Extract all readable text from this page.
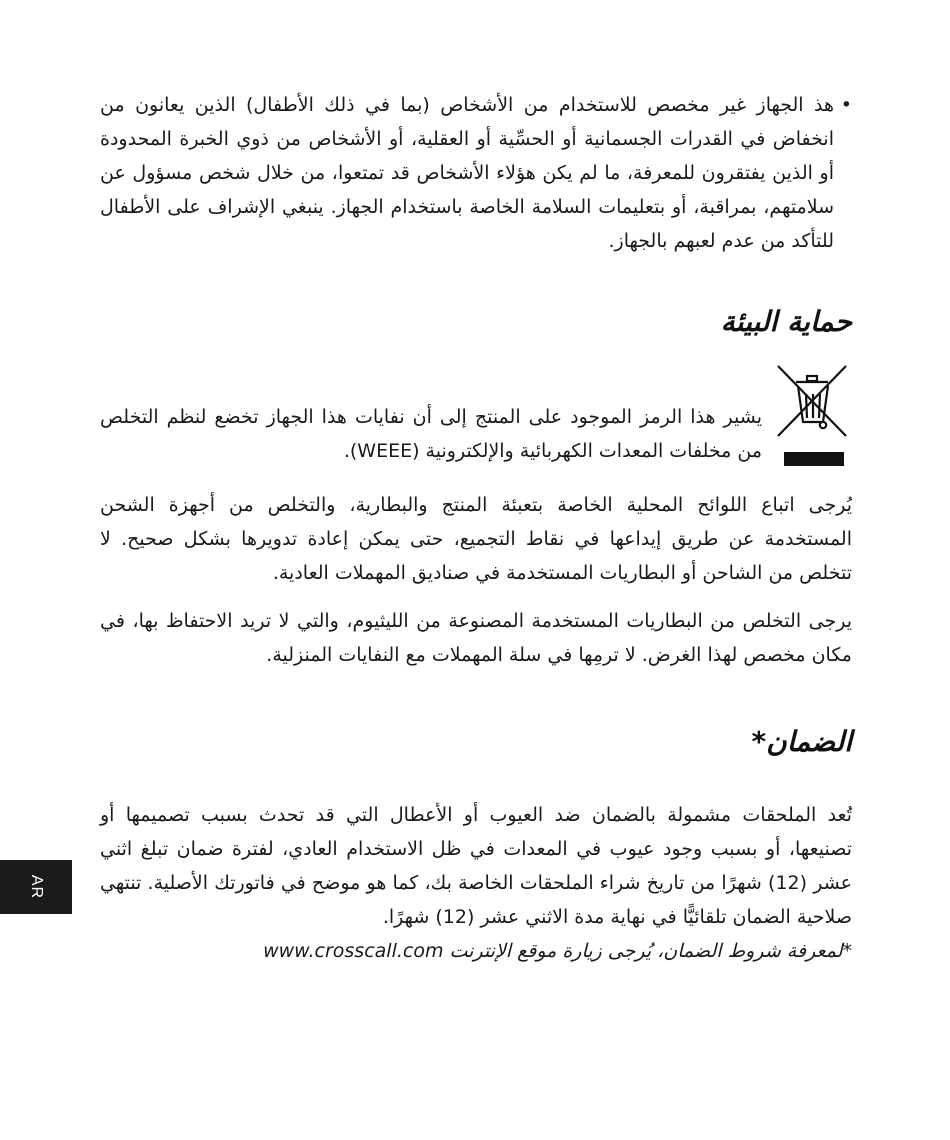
•
هذ الجهاز غير مخصص للاستخدام من الأشخاص (بما في ذلك الأطفال) الذين يعانون من انخفاض في القدرات الجسمانية أو الحسِّية أو العقلية، أو الأشخاص من ذوي الخبرة المحدودة أو الذين يفتقرون للمعرفة، ما لم يكن هؤلاء الأشخاص قد تمتعوا، من خلال شخص مسؤول عن سلامتهم، بمراقبة، أو بتعليمات السلامة الخاصة باستخدام الجهاز. ينبغي الإشراف على الأطفال للتأكد من عدم لعبهم بالجهاز.

حماية البيئة

يشير هذا الرمز الموجود على المنتج إلى أن نفايات هذا الجهاز تخضع لنظم التخلص من مخلفات المعدات الكهربائية والإلكترونية (WEEE).

يُرجى اتباع اللوائح المحلية الخاصة بتعبئة المنتج والبطارية، والتخلص من أجهزة الشحن المستخدمة عن طريق إيداعها في نقاط التجميع، حتى يمكن إعادة تدويرها بشكل صحيح. لا تتخلص من الشاحن أو البطاريات المستخدمة في صناديق المهملات العادية.

يرجى التخلص من البطاريات المستخدمة المصنوعة من الليثيوم، والتي لا تريد الاحتفاظ بها، في مكان مخصص لهذا الغرض. لا ترمِها في سلة المهملات مع النفايات المنزلية.

الضمان*

تُعد الملحقات مشمولة بالضمان ضد العيوب أو الأعطال التي قد تحدث بسبب تصميمها أو تصنيعها، أو بسبب وجود عيوب في المعدات في ظل الاستخدام العادي، لفترة ضمان تبلغ اثني عشر (12) شهرًا من تاريخ شراء الملحقات الخاصة بك، كما هو موضح في فاتورتك الأصلية. تنتهي صلاحية الضمان تلقائيًّا في نهاية مدة الاثني عشر (12) شهرًا.

*لمعرفة شروط الضمان، يُرجى زيارة موقع الإنترنت www.crosscall.com

AR
